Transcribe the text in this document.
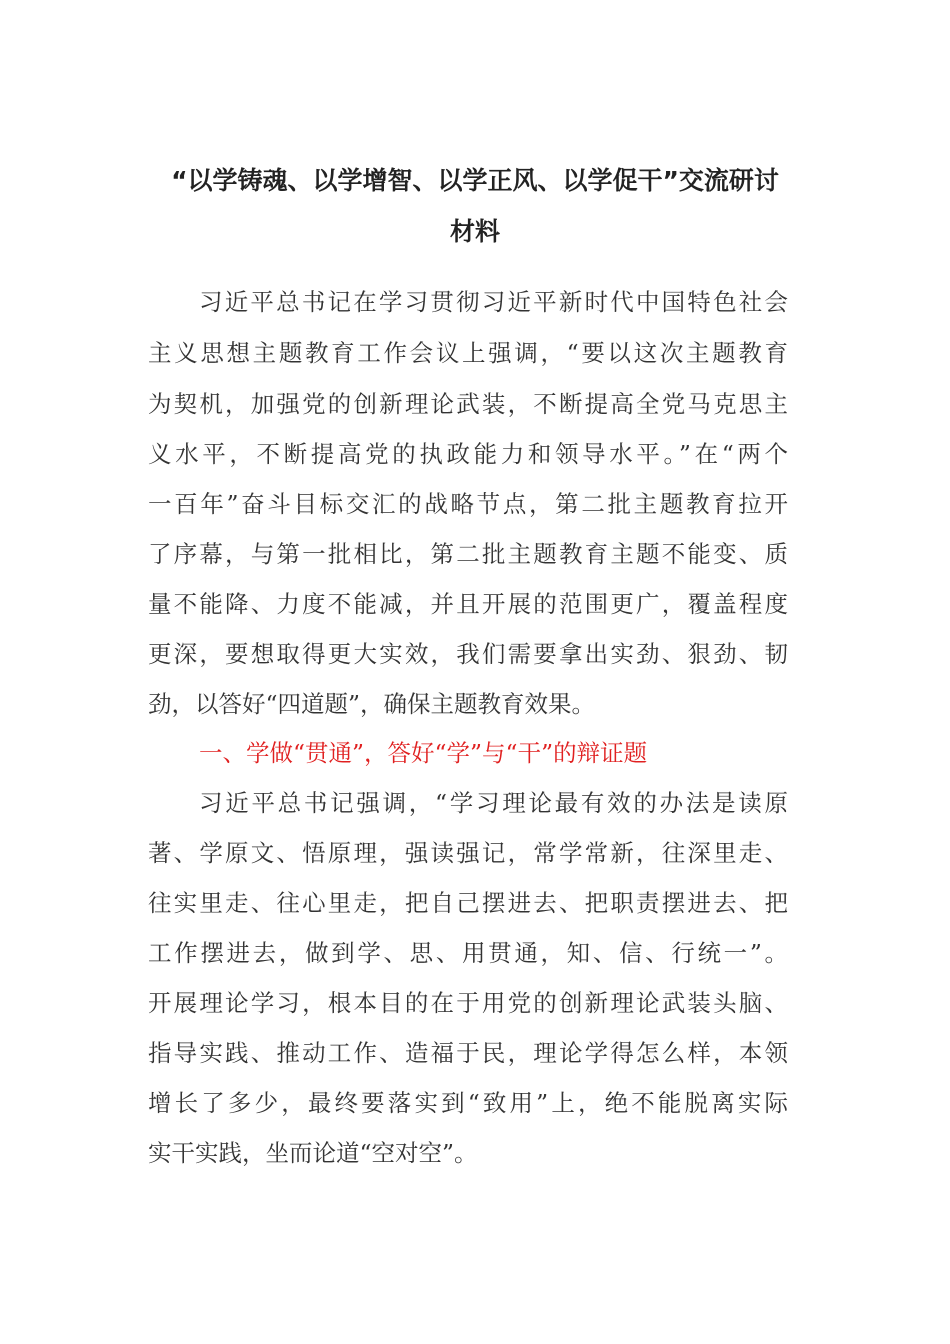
“以学铸魂、以学增智、以学正风、以学促干”交流研讨
材料
习近平总书记在学习贯彻习近平新时代中国特色社会
主义思想主题教育工作会议上强调，“要以这次主题教育
为契机，加强党的创新理论武装，不断提高全党马克思主
义水平，不断提高党的执政能力和领导水平。”在“两个
一百年”奋斗目标交汇的战略节点，第二批主题教育拉开
了序幕，与第一批相比，第二批主题教育主题不能变、质
量不能降、力度不能减，并且开展的范围更广，覆盖程度
更深，要想取得更大实效，我们需要拿出实劲、狠劲、韧
劲，以答好“四道题”，确保主题教育效果。
一、学做“贯通”，答好“学”与“干”的辩证题
习近平总书记强调，“学习理论最有效的办法是读原
著、学原文、悟原理，强读强记，常学常新，往深里走、
往实里走、往心里走，把自己摆进去、把职责摆进去、把
工作摆进去，做到学、思、用贯通，知、信、行统一”。
开展理论学习，根本目的在于用党的创新理论武装头脑、
指导实践、推动工作、造福于民，理论学得怎么样，本领
增长了多少，最终要落实到“致用”上，绝不能脱离实际
实干实践，坐而论道“空对空”。
